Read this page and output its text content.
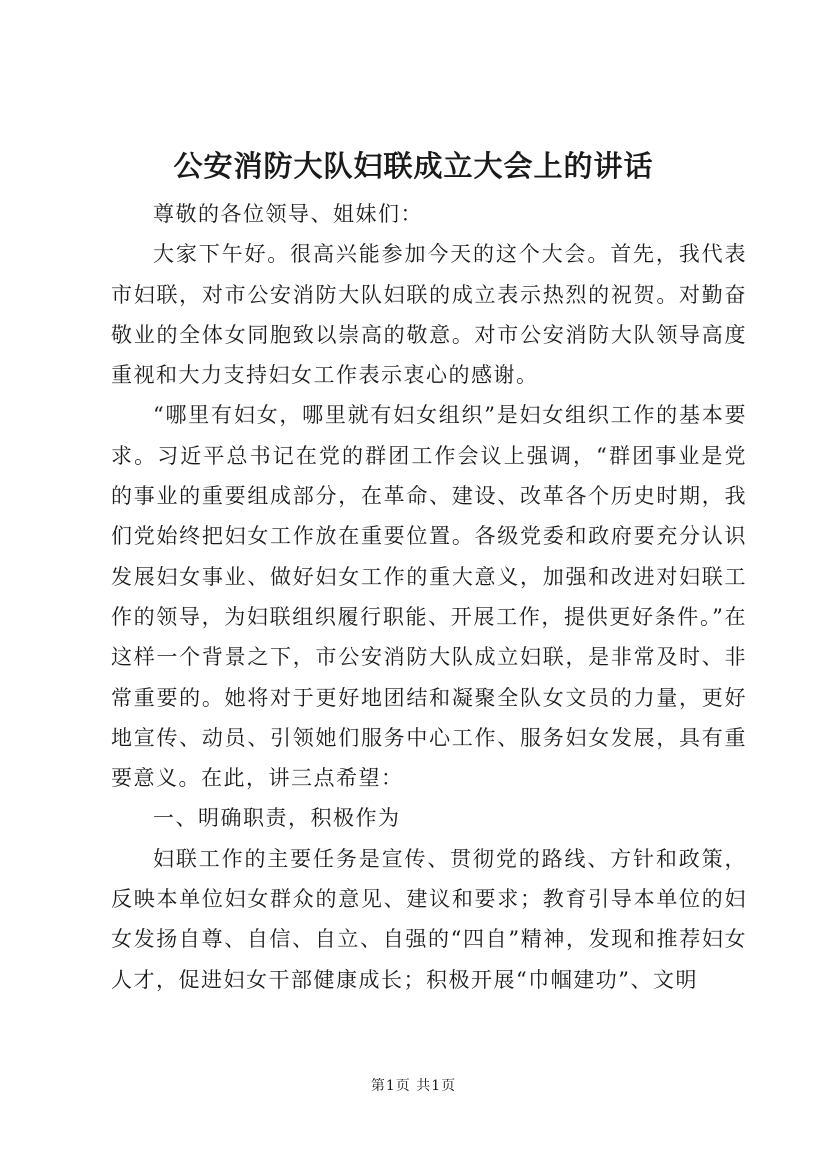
公安消防大队妇联成立大会上的讲话

尊敬的各位领导、姐妹们：

大家下午好。很高兴能参加今天的这个大会。首先，我代表市妇联，对市公安消防大队妇联的成立表示热烈的祝贺。对勤奋敬业的全体女同胞致以崇高的敬意。对市公安消防大队领导高度重视和大力支持妇女工作表示衷心的感谢。

“哪里有妇女，哪里就有妇女组织”是妇女组织工作的基本要求。习近平总书记在党的群团工作会议上强调，“群团事业是党的事业的重要组成部分，在革命、建设、改革各个历史时期，我们党始终把妇女工作放在重要位置。各级党委和政府要充分认识发展妇女事业、做好妇女工作的重大意义，加强和改进对妇联工作的领导，为妇联组织履行职能、开展工作，提供更好条件。”在这样一个背景之下，市公安消防大队成立妇联，是非常及时、非常重要的。她将对于更好地团结和凝聚全队女文员的力量，更好地宣传、动员、引领她们服务中心工作、服务妇女发展，具有重要意义。在此，讲三点希望：

一、明确职责，积极作为

妇联工作的主要任务是宣传、贯彻党的路线、方针和政策，反映本单位妇女群众的意见、建议和要求；教育引导本单位的妇女发扬自尊、自信、自立、自强的“四自”精神，发现和推荐妇女人才，促进妇女干部健康成长；积极开展“巾帼建功”、文明

第1页 共1页
